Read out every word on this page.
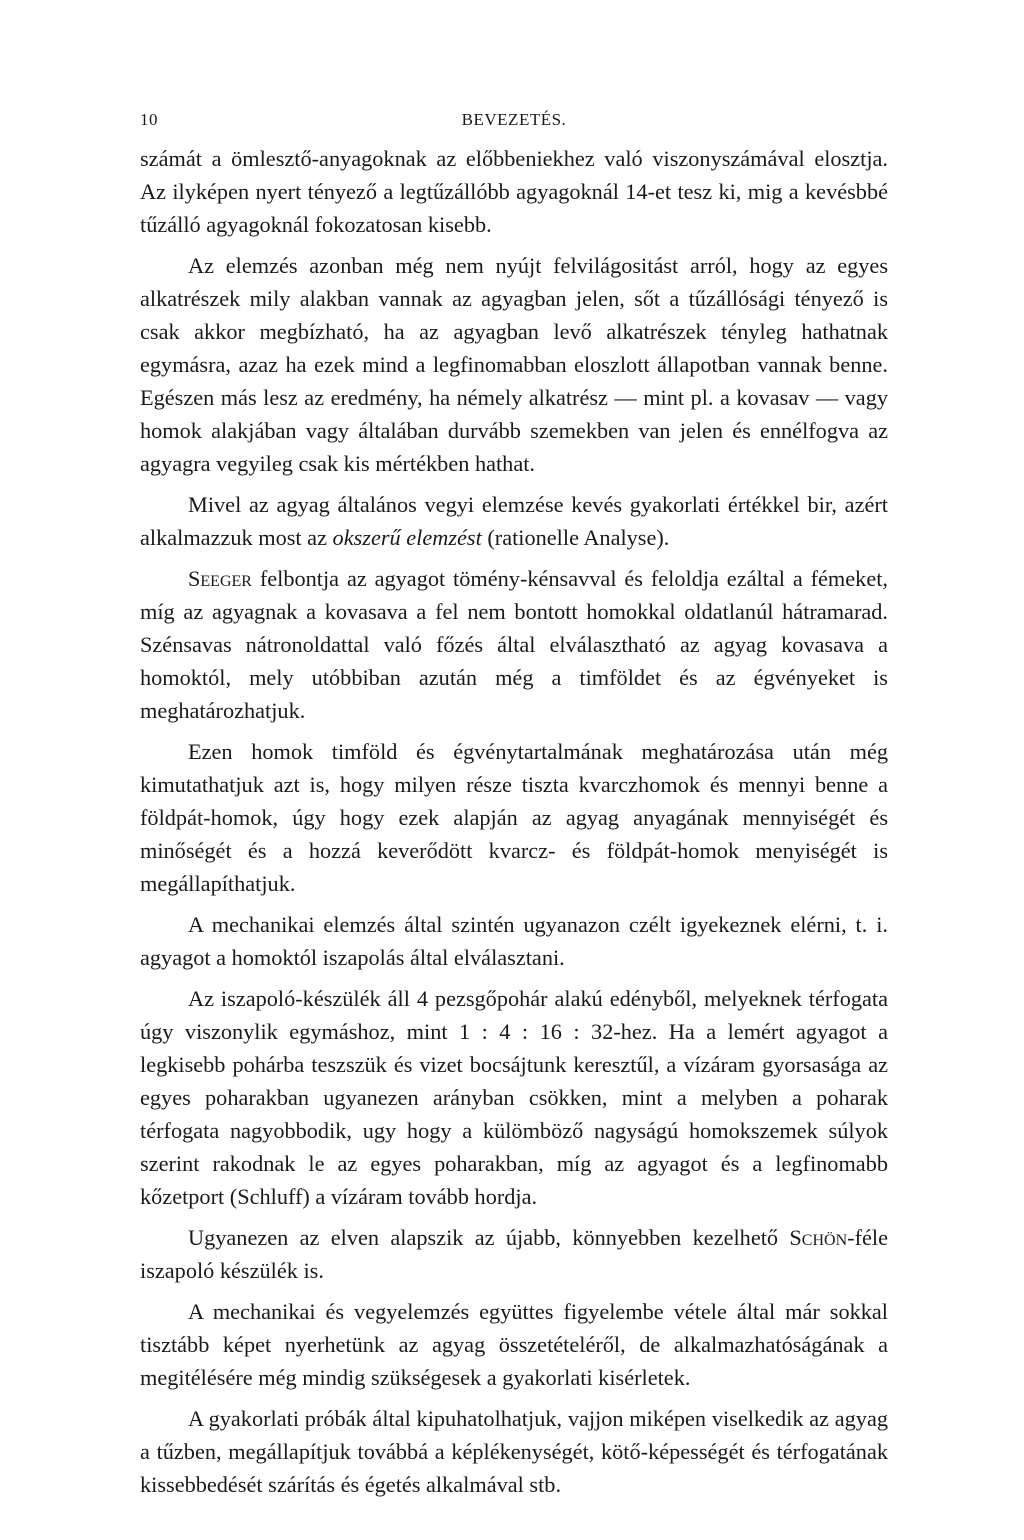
10	BEVEZETÉS.

számát a ömlesztő-anyagoknak az előbbeniekhez való viszonyszámával elosztja. Az ilyképen nyert tényező a legtűzállóbb agyagoknál 14-et tesz ki, mig a kevésbbé tűzálló agyagoknál fokozatosan kisebb.

Az elemzés azonban még nem nyújt felvilágositást arról, hogy az egyes alkatrészek mily alakban vannak az agyagban jelen, sőt a tűzállósági tényező is csak akkor megbízható, ha az agyagban levő alkatrészek tényleg hathatnak egymásra, azaz ha ezek mind a legfinomabban eloszlott állapotban vannak benne. Egészen más lesz az eredmény, ha némely alkatrész — mint pl. a kovasav — vagy homok alakjában vagy általában durvább szemekben van jelen és ennélfogva az agyagra vegyileg csak kis mértékben hathat.

Mivel az agyag általános vegyi elemzése kevés gyakorlati értékkel bir, azért alkalmazzuk most az okszerű elemzést (rationelle Analyse).

Seeger felbontja az agyagot tömény-kénsavval és feloldja ezáltal a fémeket, míg az agyagnak a kovasava a fel nem bontott homokkal oldatlanúl hátramarad. Szénsavas nátronoldattal való főzés által elválasztható az agyag kovasava a homoktól, mely utóbbiban azután még a timföldet és az égvényeket is meghatározhatjuk.

Ezen homok timföld és égvénytartalmának meghatározása után még kimutathatjuk azt is, hogy milyen része tiszta kvarczhomok és mennyi benne a földpát-homok, úgy hogy ezek alapján az agyag anyagának mennyiségét és minőségét és a hozzá keverődött kvarcz- és földpát-homok menyiségét is megállapíthatjuk.

A mechanikai elemzés által szintén ugyanazon czélt igyekeznek elérni, t. i. agyagot a homoktól iszapolás által elválasztani.

Az iszapoló-készülék áll 4 pezsgőpohár alakú edényből, melyeknek térfogata úgy viszonylik egymáshoz, mint 1 : 4 : 16 : 32-hez. Ha a lemért agyagot a legkisebb pohárba teszszük és vizet bocsájtunk keresztűl, a vízáram gyorsasága az egyes poharakban ugyanezen arányban csökken, mint a melyben a poharak térfogata nagyobbodik, ugy hogy a külömböző nagyságú homokszemek súlyok szerint rakodnak le az egyes poharakban, míg az agyagot és a legfinomabb kőzetport (Schluff) a vízáram tovább hordja.

Ugyanezen az elven alapszik az újabb, könnyebben kezelhető Schön-féle iszapoló készülék is.

A mechanikai és vegyelemzés együttes figyelembe vétele által már sokkal tisztább képet nyerhetünk az agyag összetételéről, de alkalmazhatóságának a megitélésére még mindig szükségesek a gyakorlati kisérletek.

A gyakorlati próbák által kipuhatolhatjuk, vajjon miképen viselkedik az agyag a tűzben, megállapítjuk továbbá a képlékenységét, kötő-képességét és térfogatának kissebbedését szárítás és égetés alkalmával stb.
